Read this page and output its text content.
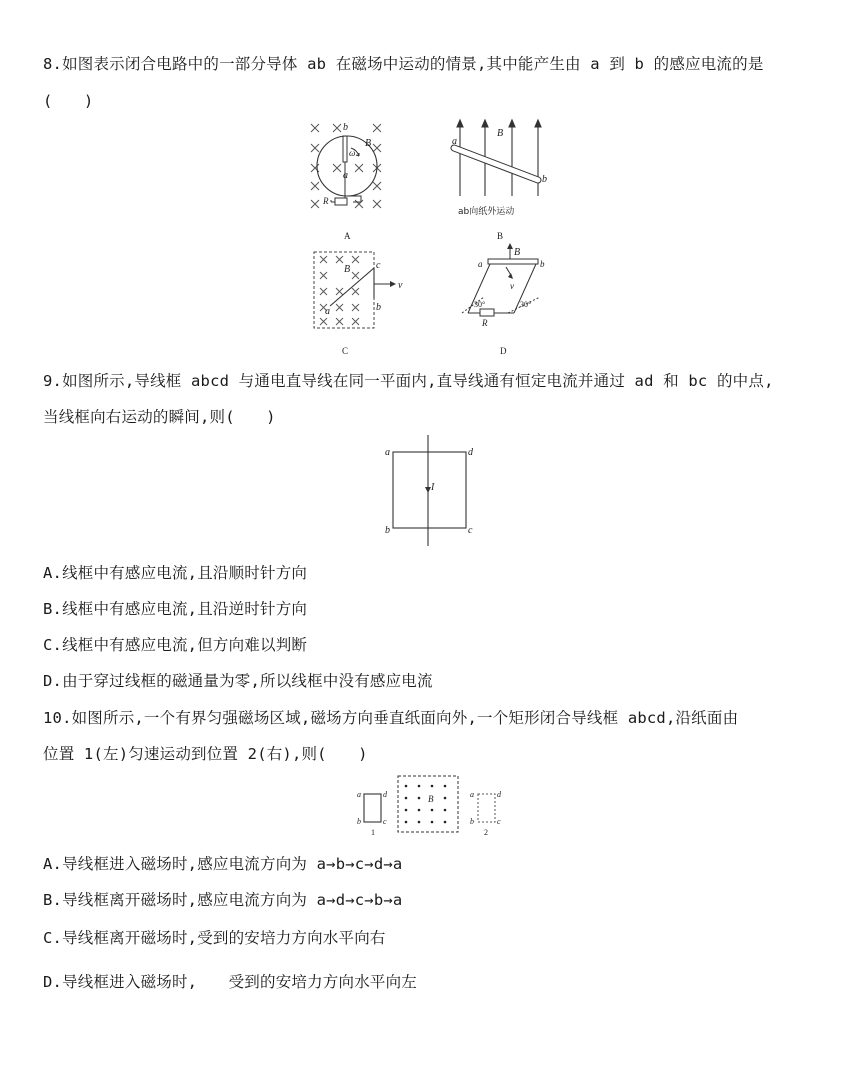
8.如图表示闭合电路中的一部分导体 ab 在磁场中运动的情景,其中能产生由 a 到 b 的感应电流的是
(　　)
b
a
B
ω
R
A
a
b
B
ab向纸外运动
B
B
a	b
c
v
C
B
a	b
v
R
30°	30°
D
9.如图所示,导线框 abcd 与通电直导线在同一平面内,直导线通有恒定电流并通过 ad 和 bc 的中点,
当线框向右运动的瞬间,则(　　)
a	d
b	c
I
A.线框中有感应电流,且沿顺时针方向
B.线框中有感应电流,且沿逆时针方向
C.线框中有感应电流,但方向难以判断
D.由于穿过线框的磁通量为零,所以线框中没有感应电流
10.如图所示,一个有界匀强磁场区域,磁场方向垂直纸面向外,一个矩形闭合导线框 abcd,沿纸面由
位置 1(左)匀速运动到位置 2(右),则(　　)
a	d
b	c
1
B	a	d
b	c
2
A.导线框进入磁场时,感应电流方向为 a→b→c→d→a
B.导线框离开磁场时,感应电流方向为 a→d→c→b→a
C.导线框离开磁场时,受到的安培力方向水平向右
D.导线框进入磁场时,　　受到的安培力方向水平向左
